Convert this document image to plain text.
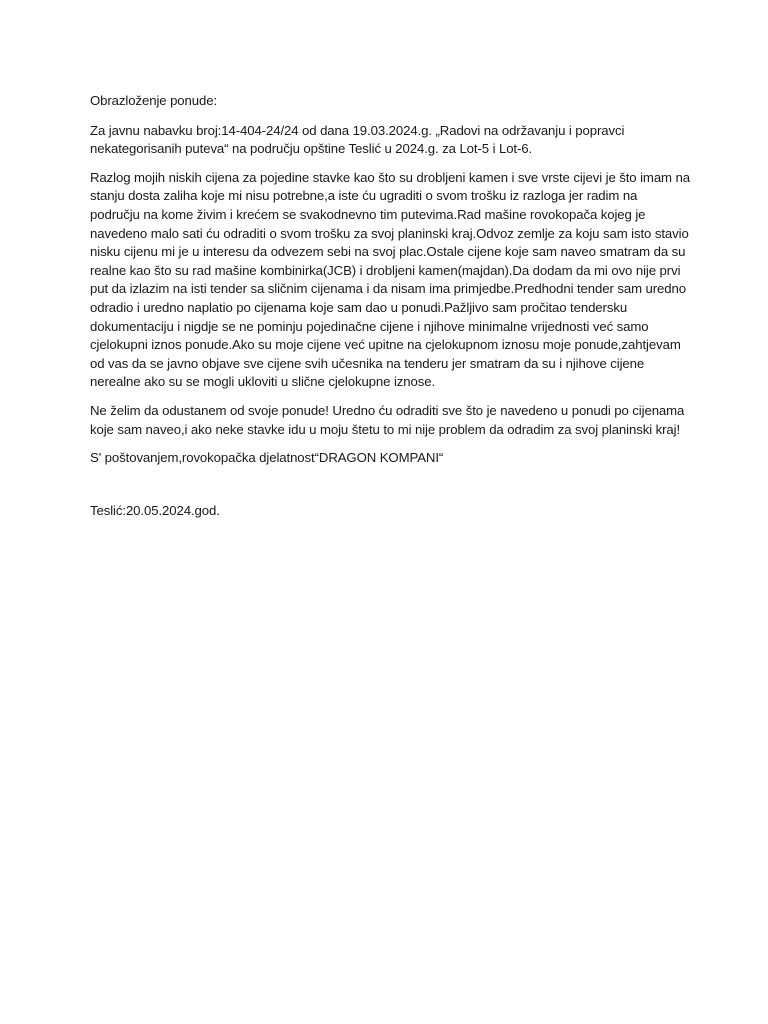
Obrazloženje ponude:

Za javnu nabavku broj:14-404-24/24 od dana 19.03.2024.g. „Radovi na održavanju i popravci nekategorisanih puteva“ na području opštine Teslić u 2024.g. za Lot-5 i Lot-6.

Razlog mojih niskih cijena za pojedine stavke kao što su drobljeni kamen i sve vrste cijevi je što imam na stanju dosta zaliha koje mi nisu potrebne,a iste ću ugraditi o svom trošku iz razloga jer radim na području na kome živim i krećem se svakodnevno tim putevima.Rad mašine rovokopača kojeg je navedeno malo sati ću odraditi o svom trošku za svoj planinski kraj.Odvoz zemlje za koju sam isto stavio nisku cijenu mi je u interesu da odvezem sebi na svoj plac.Ostale cijene koje sam naveo smatram da su realne kao što su rad mašine kombinirka(JCB) i drobljeni kamen(majdan).Da dodam da mi ovo nije prvi put da izlazim na isti tender sa sličnim cijenama i da nisam ima primjedbe.Predhodni tender sam uredno odradio i uredno naplatio po cijenama koje sam dao u ponudi.Pažljivo sam pročitao tendersku dokumentaciju i nigdje se ne pominju pojedinačne cijene i njihove minimalne vrijednosti već samo cjelokupni iznos ponude.Ako su moje cijene već upitne na cjelokupnom iznosu moje ponude,zahtjevam od vas da se javno objave sve cijene svih učesnika na tenderu jer smatram da su i njihove cijene nerealne ako su se mogli ukloviti u slične cjelokupne iznose.

Ne želim da odustanem od svoje ponude! Uredno ću odraditi sve što je navedeno u ponudi po cijenama koje sam naveo,i ako neke stavke idu u moju štetu to mi nije problem da odradim za svoj planinski kraj!

S' poštovanjem,rovokopačka djelatnost“DRAGON KOMPANI“

Teslić:20.05.2024.god.
